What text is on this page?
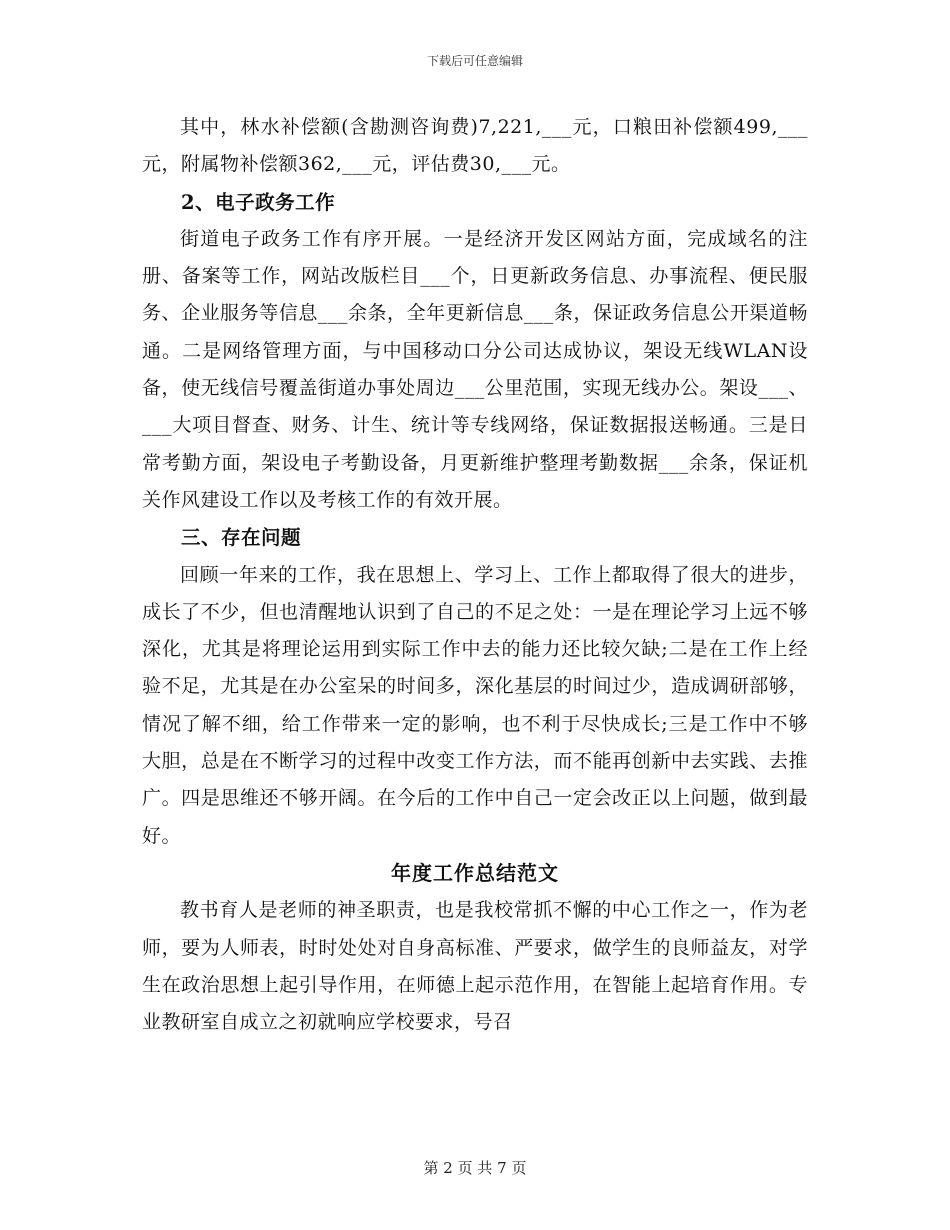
下载后可任意编辑

其中，林水补偿额(含勘测咨询费)7,221,___元，口粮田补偿额499,___元，附属物补偿额362,___元，评估费30,___元。

2、电子政务工作

街道电子政务工作有序开展。一是经济开发区网站方面，完成域名的注册、备案等工作，网站改版栏目___个，日更新政务信息、办事流程、便民服务、企业服务等信息___余条，全年更新信息___条，保证政务信息公开渠道畅通。二是网络管理方面，与中国移动口分公司达成协议，架设无线WLAN设备，使无线信号覆盖街道办事处周边___公里范围，实现无线办公。架设___、___大项目督查、财务、计生、统计等专线网络，保证数据报送畅通。三是日常考勤方面，架设电子考勤设备，月更新维护整理考勤数据___余条，保证机关作风建设工作以及考核工作的有效开展。

三、存在问题

回顾一年来的工作，我在思想上、学习上、工作上都取得了很大的进步，成长了不少，但也清醒地认识到了自己的不足之处：一是在理论学习上远不够深化，尤其是将理论运用到实际工作中去的能力还比较欠缺;二是在工作上经验不足，尤其是在办公室呆的时间多，深化基层的时间过少，造成调研部够，情况了解不细，给工作带来一定的影响，也不利于尽快成长;三是工作中不够大胆，总是在不断学习的过程中改变工作方法，而不能再创新中去实践、去推广。四是思维还不够开阔。在今后的工作中自己一定会改正以上问题，做到最好。

年度工作总结范文

教书育人是老师的神圣职责，也是我校常抓不懈的中心工作之一，作为老师，要为人师表，时时处处对自身高标准、严要求，做学生的良师益友，对学生在政治思想上起引导作用，在师德上起示范作用，在智能上起培育作用。专业教研室自成立之初就响应学校要求，号召

第 2 页 共 7 页
